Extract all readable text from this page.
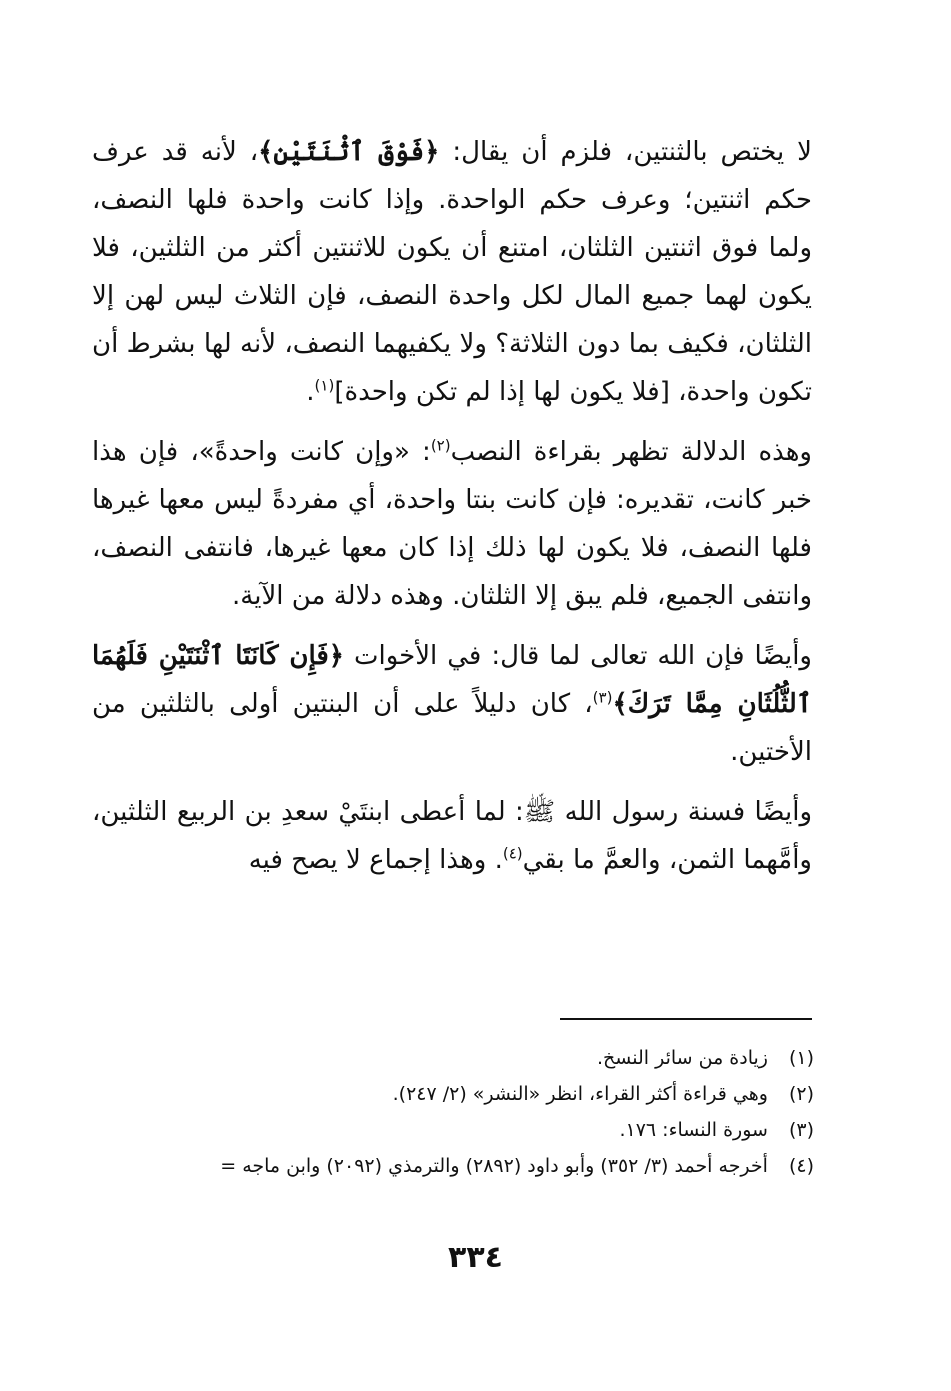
لا يختص بالثنتين، فلزم أن يقال: ﴿فَوْقَ ٱثْنَتَيْنِ﴾، لأنه قد عرف حكم اثنتين؛ وعرف حكم الواحدة. وإذا كانت واحدة فلها النصف، ولما فوق اثنتين الثلثان، امتنع أن يكون للاثنتين أكثر من الثلثين، فلا يكون لهما جميع المال لكل واحدة النصف، فإن الثلاث ليس لهن إلا الثلثان، فكيف بما دون الثلاثة؟ ولا يكفيهما النصف، لأنه لها بشرط أن تكون واحدة، [فلا يكون لها إذا لم تكن واحدة]$^{(١)}$.

وهذه الدلالة تظهر بقراءة النصب$^{(٢)}$: «وإن كانت واحدةً»، فإن هذا خبر كانت، تقديره: فإن كانت بنتا واحدة، أي مفردةً ليس معها غيرها فلها النصف، فلا يكون لها ذلك إذا كان معها غيرها، فانتفى النصف، وانتفى الجميع، فلم يبق إلا الثلثان. وهذه دلالة من الآية.

وأيضًا فإن الله تعالى لما قال: في الأخوات ﴿فَإِن كَانَتَا ٱثْنَتَيْنِ فَلَهُمَا ٱلثُّلُثَانِ مِمَّا تَرَكَ﴾$^{(٣)}$، كان دليلاً على أن البنتين أولى بالثلثين من الأختين.

وأيضًا فسنة رسول الله ﷺ: لما أعطى ابنتَيْ سعدِ بن الربيع الثلثين، وأمَّهما الثمن، والعمَّ ما بقي$^{(٤)}$. وهذا إجماع لا يصح فيه

(١) زيادة من سائر النسخ.
(٢) وهي قراءة أكثر القراء، انظر «النشر» (٢/ ٢٤٧).
(٣) سورة النساء: ١٧٦.
(٤) أخرجه أحمد (٣/ ٣٥٢) وأبو داود (٢٨٩٢) والترمذي (٢٠٩٢) وابن ماجه =
٣٣٤
